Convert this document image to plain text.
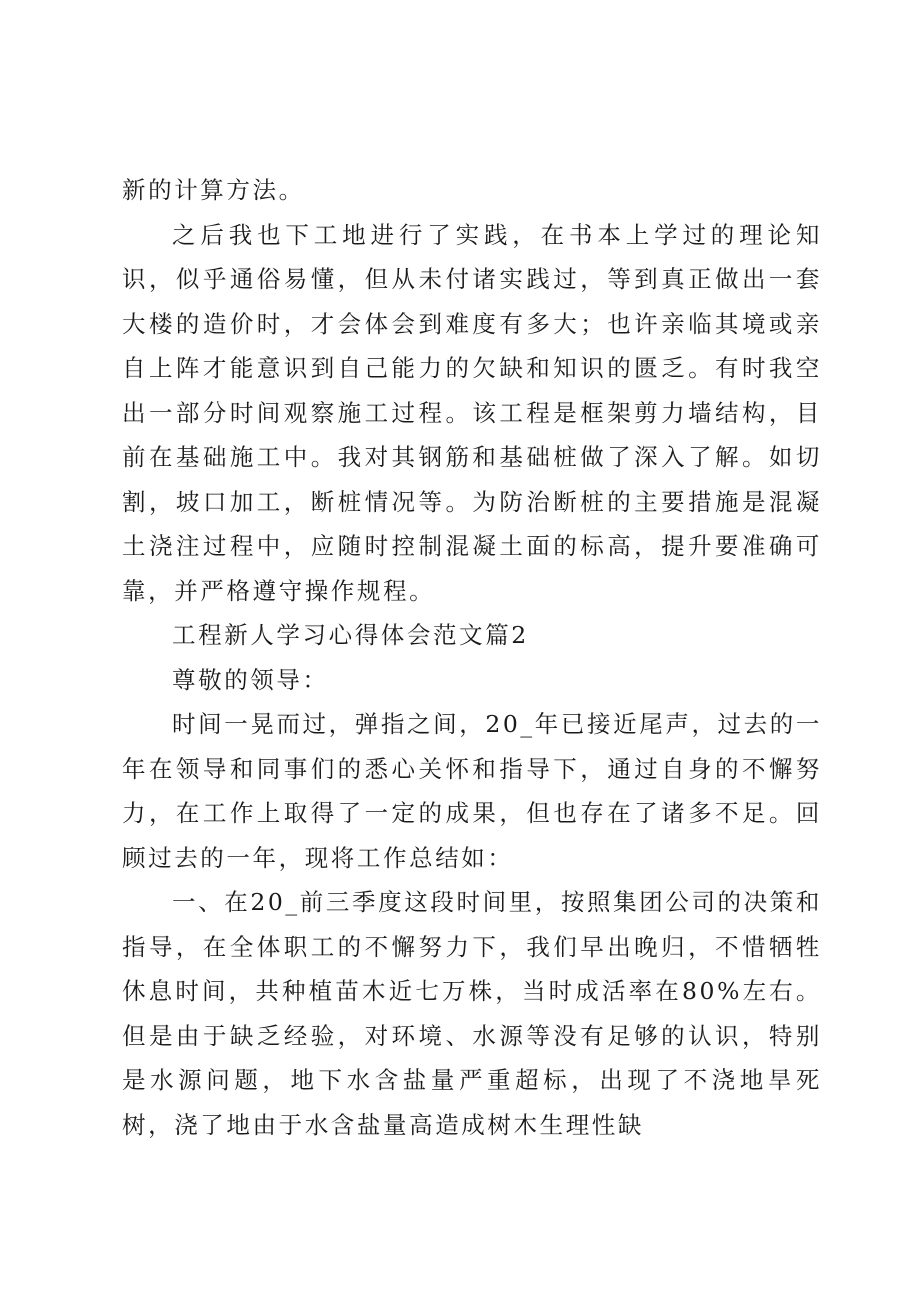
新的计算方法。

之后我也下工地进行了实践，在书本上学过的理论知识，似乎通俗易懂，但从未付诸实践过，等到真正做出一套大楼的造价时，才会体会到难度有多大；也许亲临其境或亲自上阵才能意识到自己能力的欠缺和知识的匮乏。有时我空出一部分时间观察施工过程。该工程是框架剪力墙结构，目前在基础施工中。我对其钢筋和基础桩做了深入了解。如切割，坡口加工，断桩情况等。为防治断桩的主要措施是混凝土浇注过程中，应随时控制混凝土面的标高，提升要准确可靠，并严格遵守操作规程。

工程新人学习心得体会范文篇2

尊敬的领导：

时间一晃而过，弹指之间，20_年已接近尾声，过去的一年在领导和同事们的悉心关怀和指导下，通过自身的不懈努力，在工作上取得了一定的成果，但也存在了诸多不足。回顾过去的一年，现将工作总结如：

一、在20_前三季度这段时间里，按照集团公司的决策和指导，在全体职工的不懈努力下，我们早出晚归，不惜牺牲休息时间，共种植苗木近七万株，当时成活率在80%左右。但是由于缺乏经验，对环境、水源等没有足够的认识，特别是水源问题，地下水含盐量严重超标，出现了不浇地旱死树，浇了地由于水含盐量高造成树木生理性缺
